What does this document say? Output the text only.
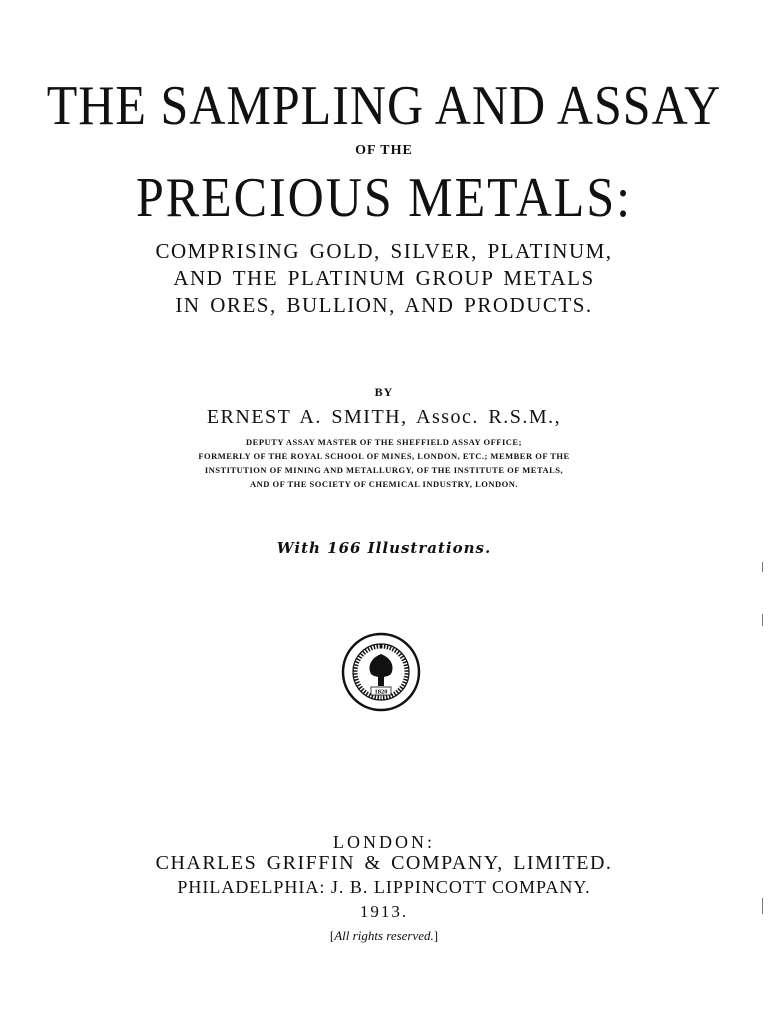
THE SAMPLING AND ASSAY

OF THE

PRECIOUS METALS:

COMPRISING GOLD, SILVER, PLATINUM,

AND THE PLATINUM GROUP METALS

IN ORES, BULLION, AND PRODUCTS.

BY

ERNEST A. SMITH, Assoc. R.S.M.,

DEPUTY ASSAY MASTER OF THE SHEFFIELD ASSAY OFFICE;

FORMERLY OF THE ROYAL SCHOOL OF MINES, LONDON, ETC.; MEMBER OF THE

INSTITUTION OF MINING AND METALLURGY, OF THE INSTITUTE OF METALS,

AND OF THE SOCIETY OF CHEMICAL INDUSTRY, LONDON.

With 166 Illustrations.

1820

LONDON:

CHARLES GRIFFIN & COMPANY, LIMITED.

PHILADELPHIA: J. B. LIPPINCOTT COMPANY.

1913.

[All rights reserved.]
